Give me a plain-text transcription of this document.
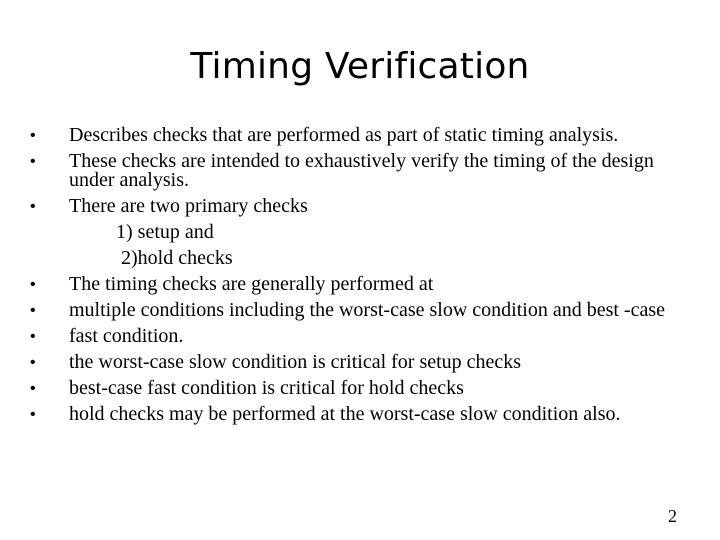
Timing Verification
•	Describes checks that are performed as part of static timing analysis.
•	These checks are intended to exhaustively verify the timing of the design under analysis.
•	There are two primary checks
1) setup and
2)hold checks
•	The timing checks are generally performed at
•	multiple conditions including the worst-case slow condition and best -case
•	fast condition.
•	the worst-case slow condition is critical for setup checks
•	best-case fast condition is critical for hold checks
•	hold checks may be performed at the worst-case slow condition also.
2
